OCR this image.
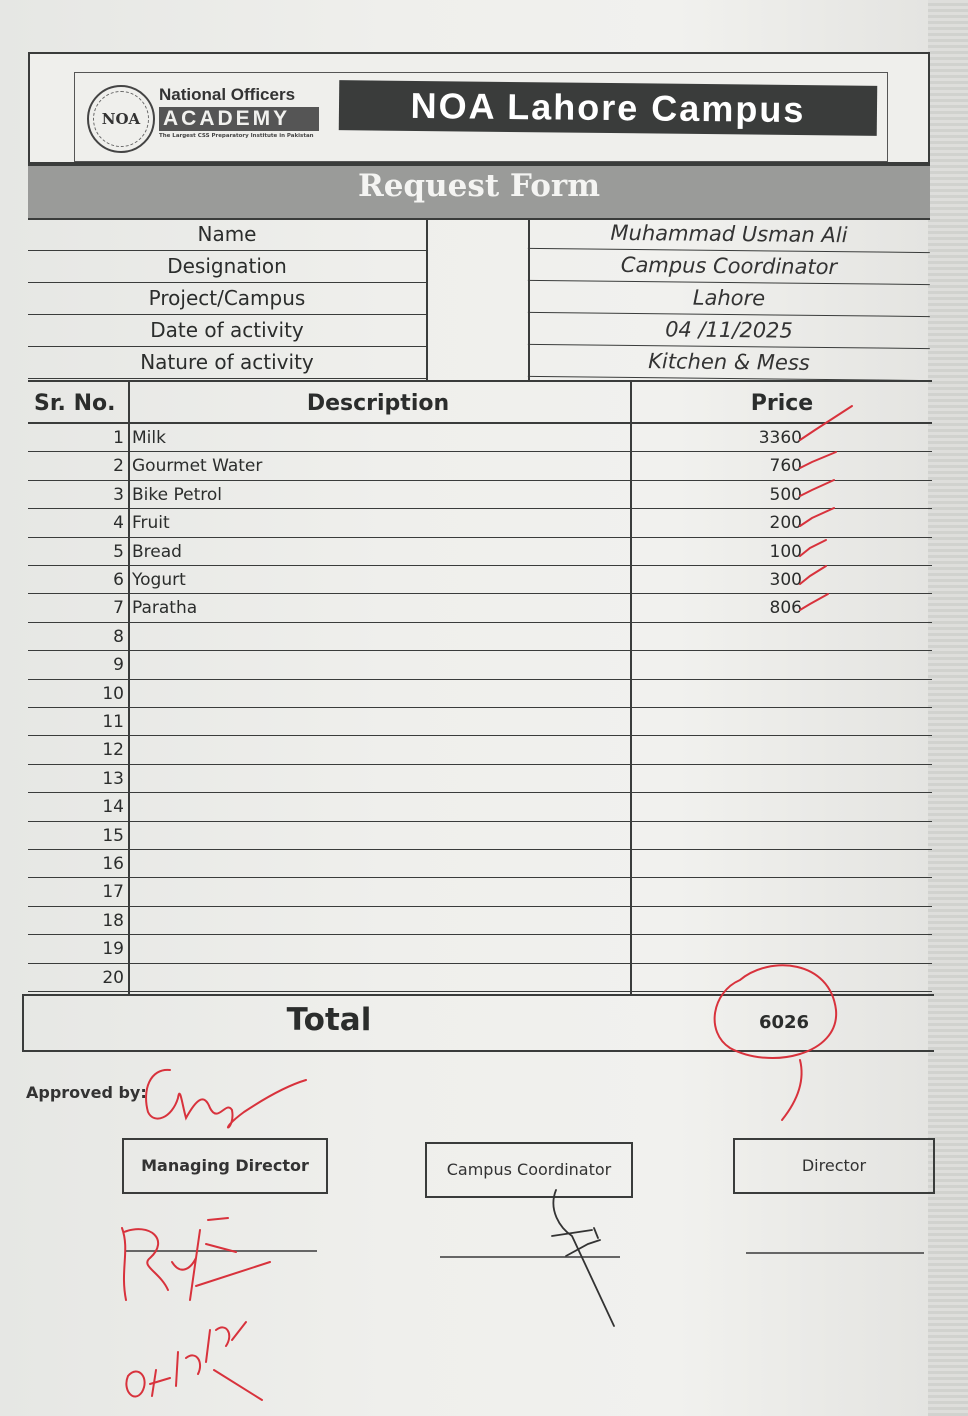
NOA
National Officers
ACADEMY
The Largest CSS Preparatory Institute in Pakistan
NOA Lahore Campus
Request Form
Name	Muhammad Usman Ali
Designation	Campus Coordinator
Project/Campus	Lahore
Date of activity	04 /11/2025
Nature of activity	Kitchen & Mess
Sr. No.	Description	Price
1 Milk	3360
2 Gourmet Water	760
3 Bike Petrol	500
4 Fruit	200
5 Bread	100
6 Yogurt	300
7 Paratha	806
8
9
10
11
12
13
14
15
16
17
18
19
20
Total	6026
Approved by:
Managing Director	Campus Coordinator	Director
